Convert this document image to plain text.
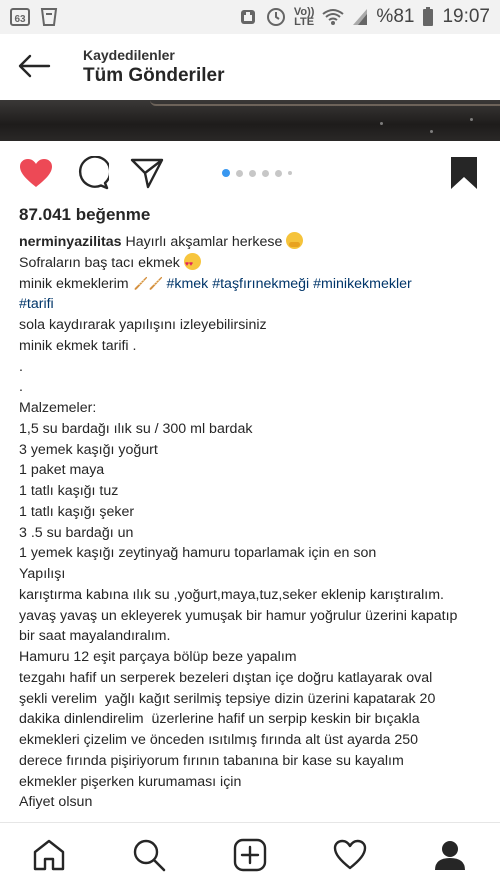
63
Vo))
LTE	%81 19:07
Kaydedilenler
Tüm Gönderiler
87.041 beğenme
nerminyazilitas Hayırlı akşamlar herkese
Sofraların baş tacı ekmek ♥ ♥
minik ekmeklerim  #kmek #taşfırınekmeği #minikekmekler
#tarifi
sola kaydırarak yapılışını izleyebilirsiniz
minik ekmek tarifi .
.
.
Malzemeler:
1,5 su bardağı ılık su / 300 ml bardak
3 yemek kaşığı yoğurt
1 paket maya
1 tatlı kaşığı tuz
1 tatlı kaşığı şeker
3 .5 su bardağı un
1 yemek kaşığı zeytinyağ hamuru toparlamak için en son
Yapılışı
karıştırma kabına ılık su ,yoğurt,maya,tuz,seker eklenip karıştıralım.
yavaş yavaş un ekleyerek yumuşak bir hamur yoğrulur üzerini kapatıp
bir saat mayalandıralım.
Hamuru 12 eşit parçaya bölüp beze yapalım
tezgahı hafif un serperek bezeleri dıştan içe doğru katlayarak oval
şekli verelim  yağlı kağıt serilmiş tepsiye dizin üzerini kapatarak 20
dakika dinlendirelim  üzerlerine hafif un serpip keskin bir bıçakla
ekmekleri çizelim ve önceden ısıtılmış fırında alt üst ayarda 250
derece fırında pişiriyorum fırının tabanına bir kase su kayalım
ekmekler pişerken kurumaması için
Afiyet olsun
